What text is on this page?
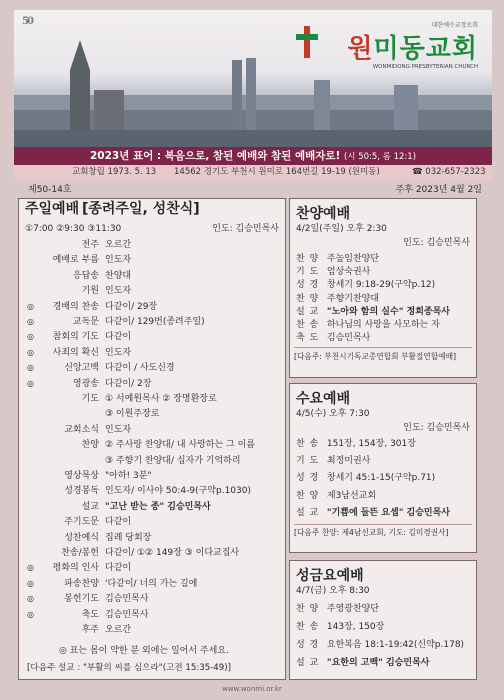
$^{50}$	대한예수교장로회
원미동교회
WONMIDONG PRESBYTERIAN CHURCH
2023년 표어 : 복음으로, 참된 예배와 참된 예배자로! (시 50:5, 롬 12:1)
교회창립 1973. 5. 13 14562 경기도 부천시 원미로 164번길 19-19 (원미동)	☎ 032-657-2323
제50-14호	주후 2023년 4월 2일
주일예배 [종려주일, 성찬식]
①7:00 ②9:30 ③11:30	인도: 김승민목사
전주 오르간
예배로 부름 인도자
응답송 찬양대
기원 인도자
◎	경배의 찬송 다같이/ 29장
◎	교독문 다같이/ 129번(종려주일)
◎	참회의 기도 다같이
◎	사죄의 확신 인도자
◎	신앙고백 다같이 / 사도신경
◎	영광송 다같이/ 2장
기도 ① 서예원목사 ② 장명환장로
③ 이원주장로
교회소식 인도자
찬양 ② 주사랑 찬양대/ 내 사랑하는 그 이름
③ 주향기 찬양대/ 십자가 기억하리
영상묵상 "아하! 3분"
성경봉독 인도자/ 이사야 50:4-9(구약p.1030)
설교 "고난 받는 종" 김승민목사
주기도문 다같이
성찬예식 집례 당회장
찬송/봉헌 다같이/ ①② 149장 ③ 이다교집사
◎	평화의 인사 다같이
◎	파송찬양 '다같이/ 너의 가는 길에
◎	봉헌기도 김승민목사
◎	축도 김승민목사
후주 오르간
◎ 표는 몸이 약한 분 외에는 일어서 주세요.
[다음주 설교 : "부활의 씨를 심으라"(고전 15:35-49)]
찬양예배
4/2일(주일) 오후 2:30
인도: 김승민목사
찬 양 주높임찬양단
기 도 엄상숙권사
성 경 창세기 9:18-29(구약p.12)
찬 양 주향기찬양대
설 교 "노아와 함의 실수" 정희종목사
찬 송 하나님의 사랑을 사모하는 자
축 도 김승민목사
[다음주: 부천시기독교총연합회 부활절연합예배]
수요예배
4/5(수) 오후 7:30
인도: 김승민목사
찬 송 151장, 154장, 301장
기 도 최정미권사
성 경 창세기 45:1-15(구약p.71)
찬 양 제3남선교회
설 교 "기쁨에 들뜬 요셉" 김승민목사
[다음주 찬양: 제4남선교회, 기도: 김미경권사]
성금요예배
4/7(금) 오후 8:30
찬 양 주영광찬양단
찬 송 143장, 150장
성 경 요한복음 18:1-19:42(신약p.178)
설 교 "요한의 고백" 김승민목사
www.wonmi.or.kr
